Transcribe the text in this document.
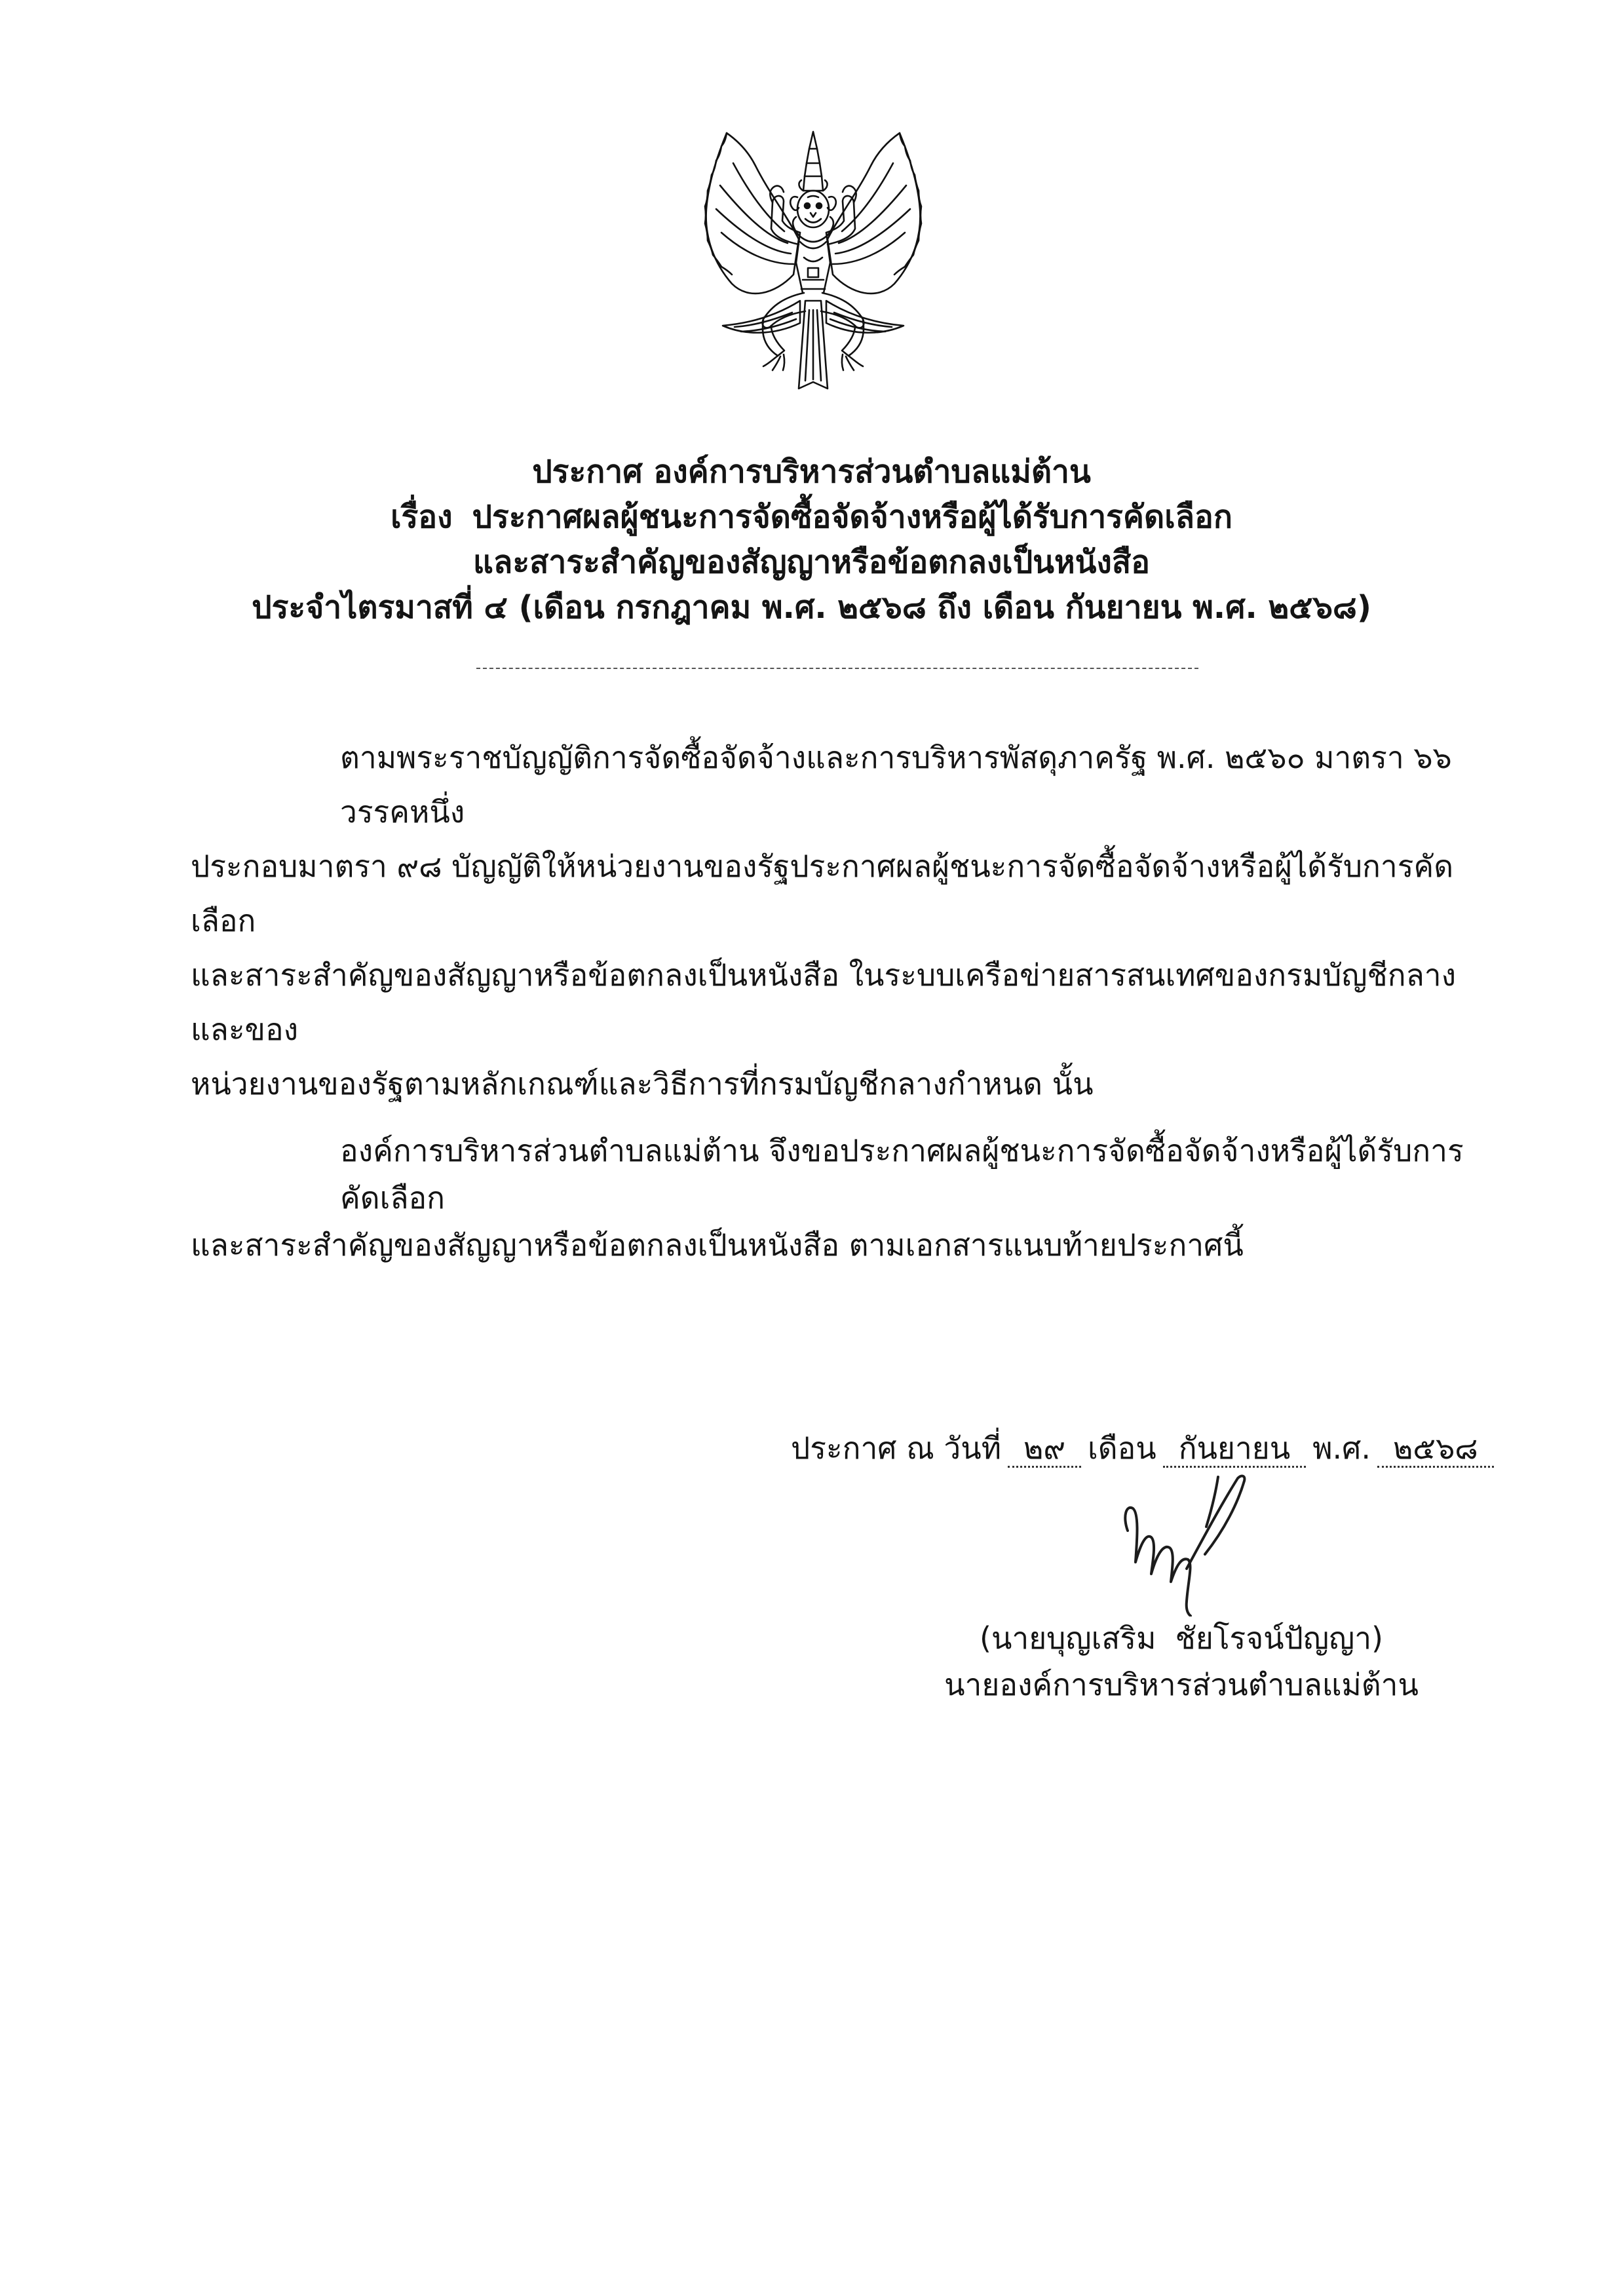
ประกาศ องค์การบริหารส่วนตำบลแม่ต้าน
เรื่อง ประกาศผลผู้ชนะการจัดซื้อจัดจ้างหรือผู้ได้รับการคัดเลือก
และสาระสำคัญของสัญญาหรือข้อตกลงเป็นหนังสือ
ประจำไตรมาสที่ ๔ (เดือน กรกฎาคม พ.ศ. ๒๕๖๘ ถึง เดือน กันยายน พ.ศ. ๒๕๖๘)
ตามพระราชบัญญัติการจัดซื้อจัดจ้างและการบริหารพัสดุภาครัฐ พ.ศ. ๒๕๖๐ มาตรา ๖๖ วรรคหนึ่ง
ประกอบมาตรา ๙๘ บัญญัติให้หน่วยงานของรัฐประกาศผลผู้ชนะการจัดซื้อจัดจ้างหรือผู้ได้รับการคัดเลือก
และสาระสำคัญของสัญญาหรือข้อตกลงเป็นหนังสือ ในระบบเครือข่ายสารสนเทศของกรมบัญชีกลางและของ
หน่วยงานของรัฐตามหลักเกณฑ์และวิธีการที่กรมบัญชีกลางกำหนด นั้น
องค์การบริหารส่วนตำบลแม่ต้าน จึงขอประกาศผลผู้ชนะการจัดซื้อจัดจ้างหรือผู้ได้รับการคัดเลือก
และสาระสำคัญของสัญญาหรือข้อตกลงเป็นหนังสือ ตามเอกสารแนบท้ายประกาศนี้
ประกาศ ณ วันที่ ๒๙ เดือน กันยายน พ.ศ. ๒๕๖๘
(นายบุญเสริม  ชัยโรจน์ปัญญา)
นายองค์การบริหารส่วนตำบลแม่ต้าน
